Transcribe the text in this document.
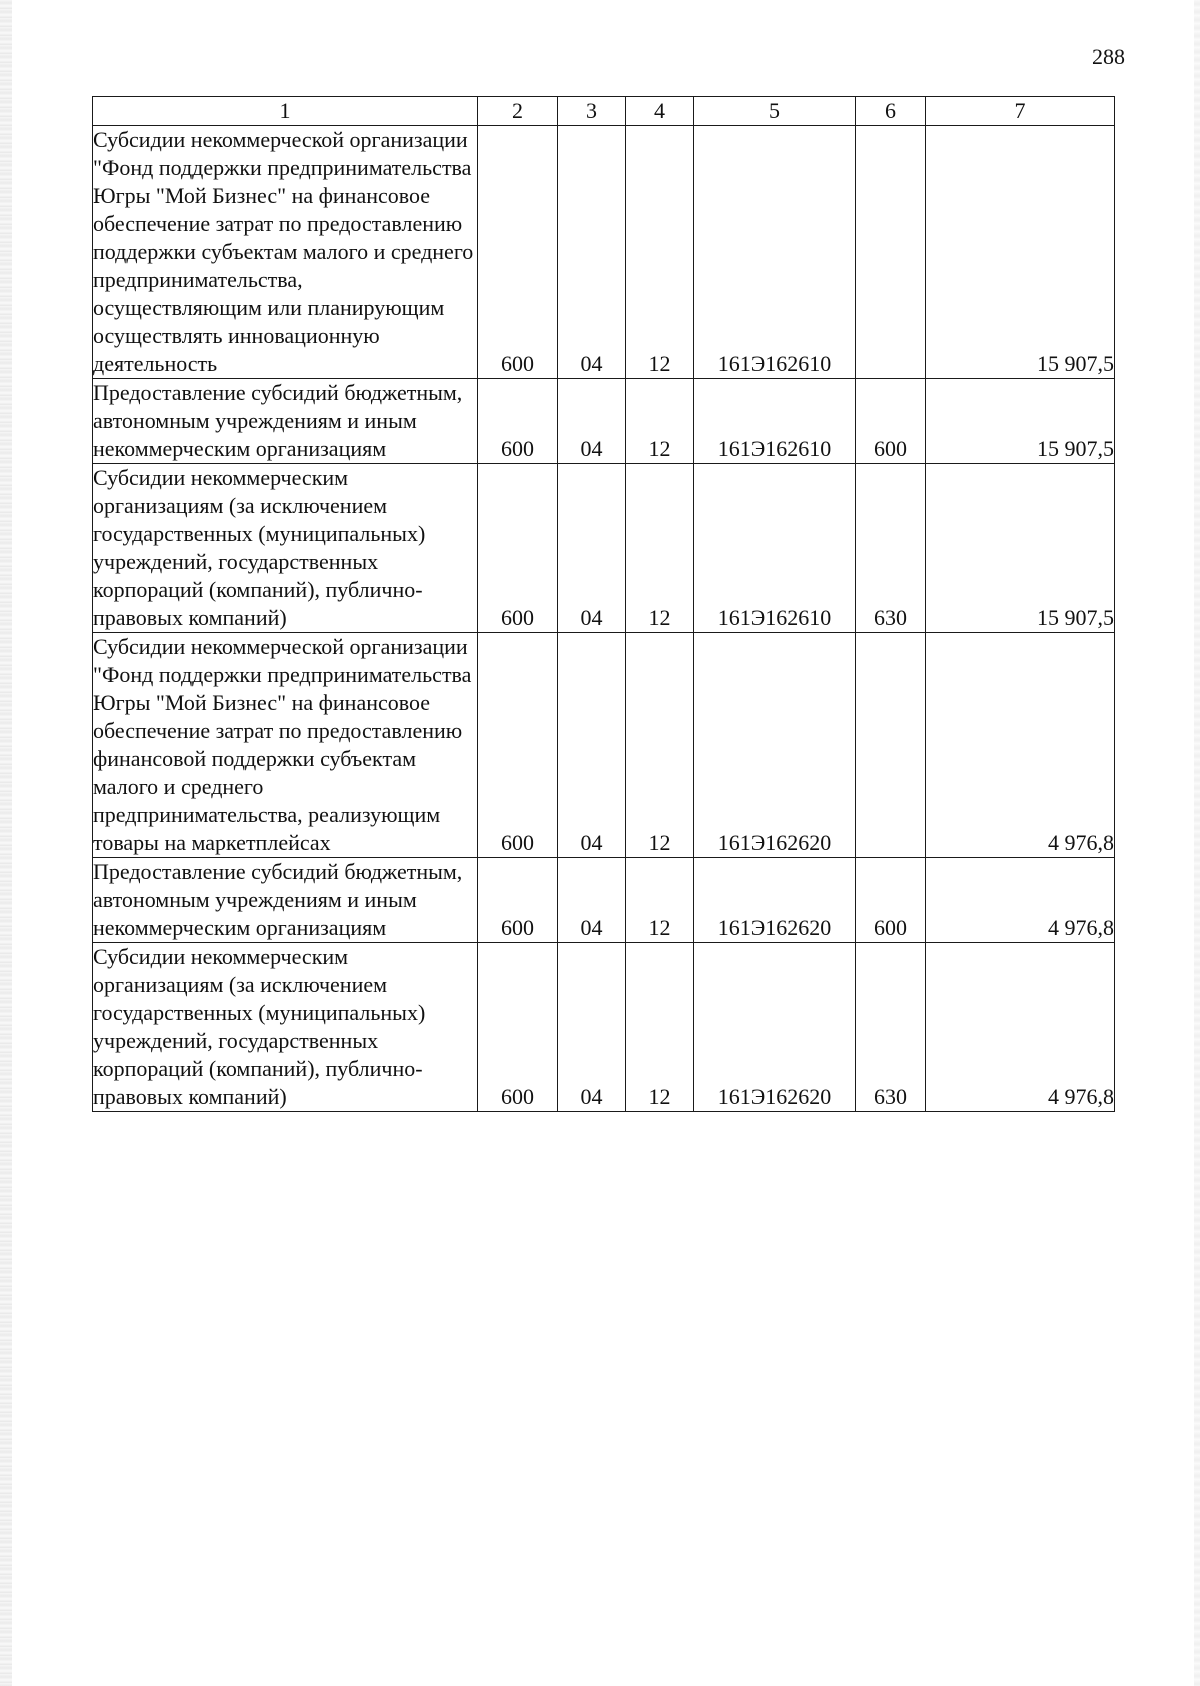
288
1	2	3	4	5	6	7
Субсидии некоммерческой организации "Фонд поддержки предпринимательства Югры "Мой Бизнес" на финансовое обеспечение затрат по предоставлению поддержки субъектам малого и среднего предпринимательства, осуществляющим или планирующим осуществлять инновационную деятельность	600	04	12	161Э162610		15 907,5
Предоставление субсидий бюджетным, автономным учреждениям и иным некоммерческим организациям	600	04	12	161Э162610	600	15 907,5
Субсидии некоммерческим организациям (за исключением государственных (муниципальных) учреждений, государственных корпораций (компаний), публично-правовых компаний)	600	04	12	161Э162610	630	15 907,5
Субсидии некоммерческой организации "Фонд поддержки предпринимательства Югры "Мой Бизнес" на финансовое обеспечение затрат по предоставлению финансовой поддержки субъектам малого и среднего предпринимательства, реализующим товары на маркетплейсах	600	04	12	161Э162620		4 976,8
Предоставление субсидий бюджетным, автономным учреждениям и иным некоммерческим организациям	600	04	12	161Э162620	600	4 976,8
Субсидии некоммерческим организациям (за исключением государственных (муниципальных) учреждений, государственных корпораций (компаний), публично-правовых компаний)	600	04	12	161Э162620	630	4 976,8
